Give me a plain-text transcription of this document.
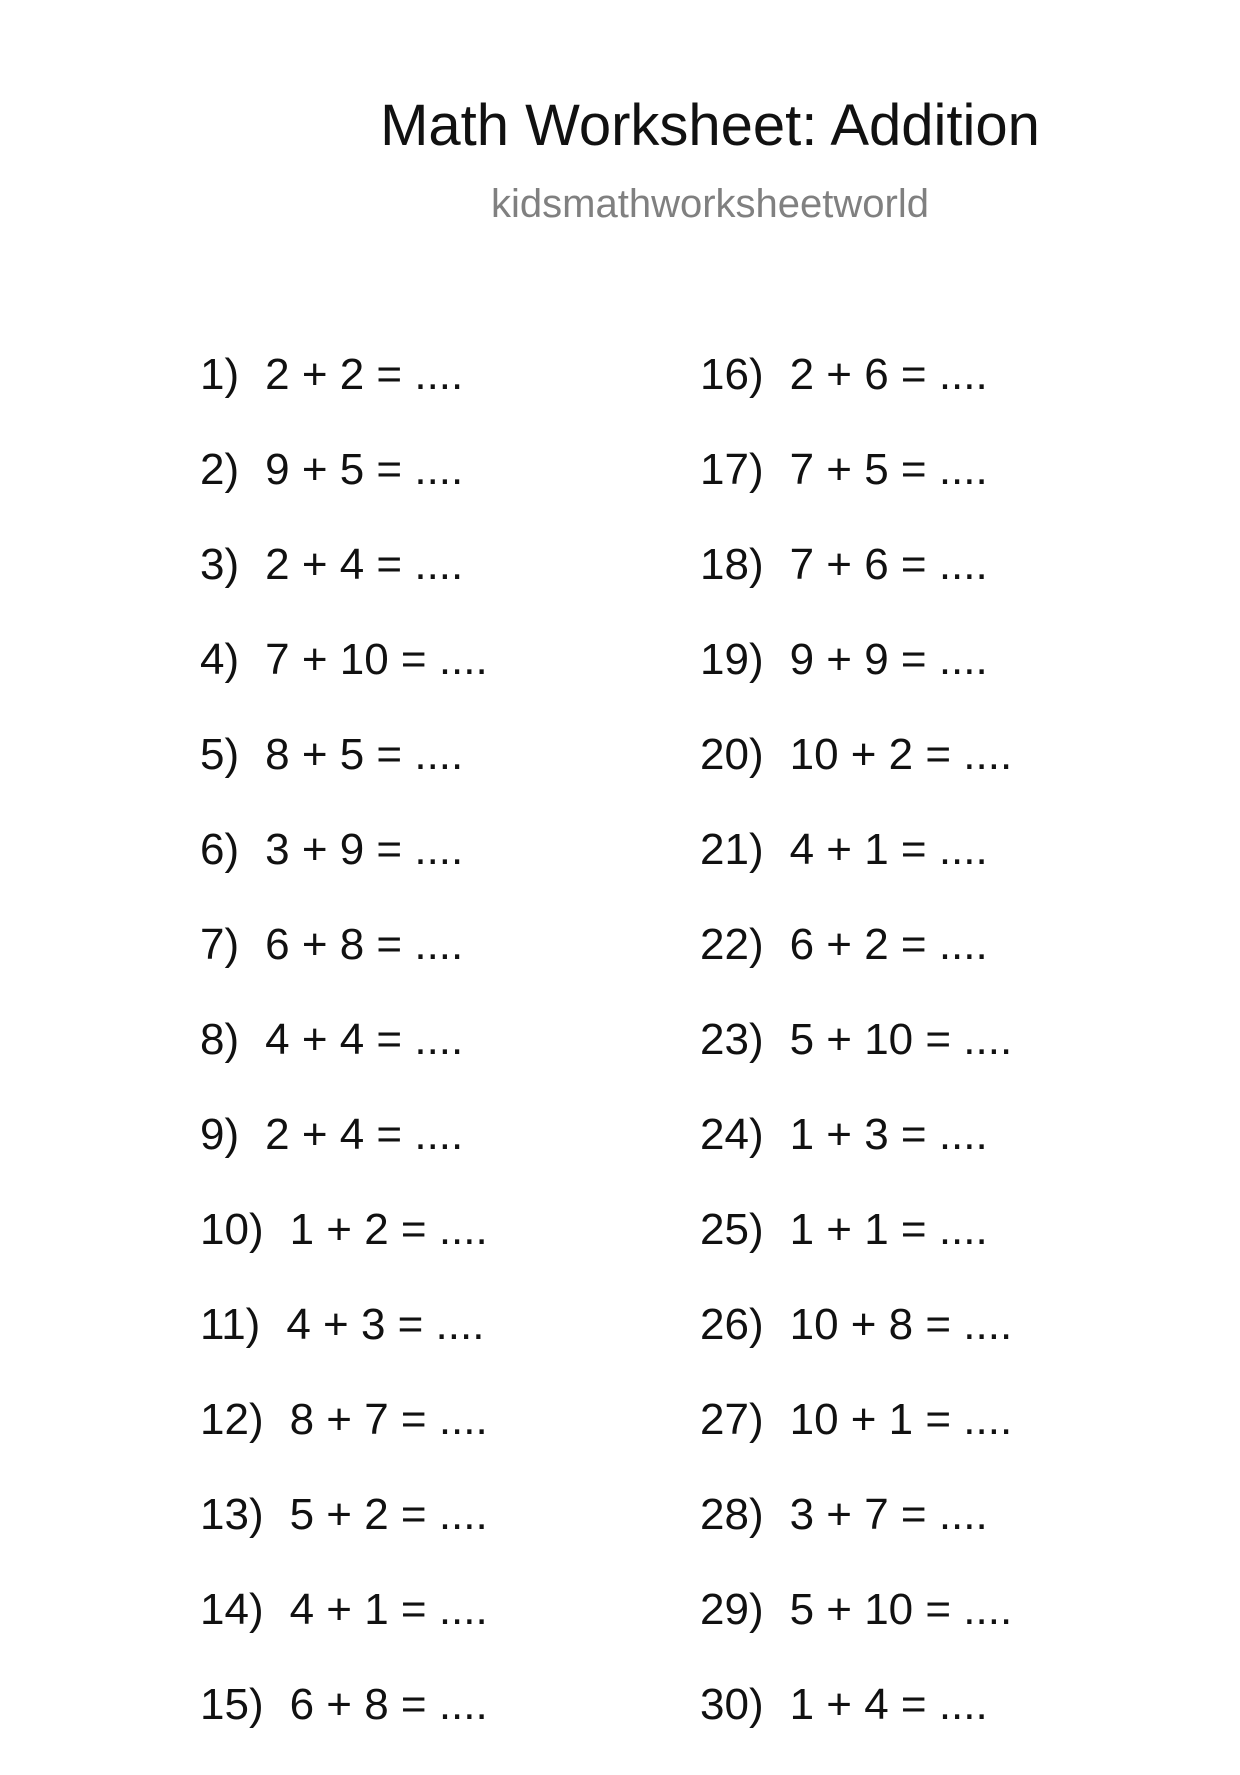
Math Worksheet: Addition
kidsmathworksheetworld
1) 2 + 2 = ....
2) 9 + 5 = ....
3) 2 + 4 = ....
4) 7 + 10 = ....
5) 8 + 5 = ....
6) 3 + 9 = ....
7) 6 + 8 = ....
8) 4 + 4 = ....
9) 2 + 4 = ....
10) 1 + 2 = ....
11) 4 + 3 = ....
12) 8 + 7 = ....
13) 5 + 2 = ....
14) 4 + 1 = ....
15) 6 + 8 = ....
16) 2 + 6 = ....
17) 7 + 5 = ....
18) 7 + 6 = ....
19) 9 + 9 = ....
20) 10 + 2 = ....
21) 4 + 1 = ....
22) 6 + 2 = ....
23) 5 + 10 = ....
24) 1 + 3 = ....
25) 1 + 1 = ....
26) 10 + 8 = ....
27) 10 + 1 = ....
28) 3 + 7 = ....
29) 5 + 10 = ....
30) 1 + 4 = ....
